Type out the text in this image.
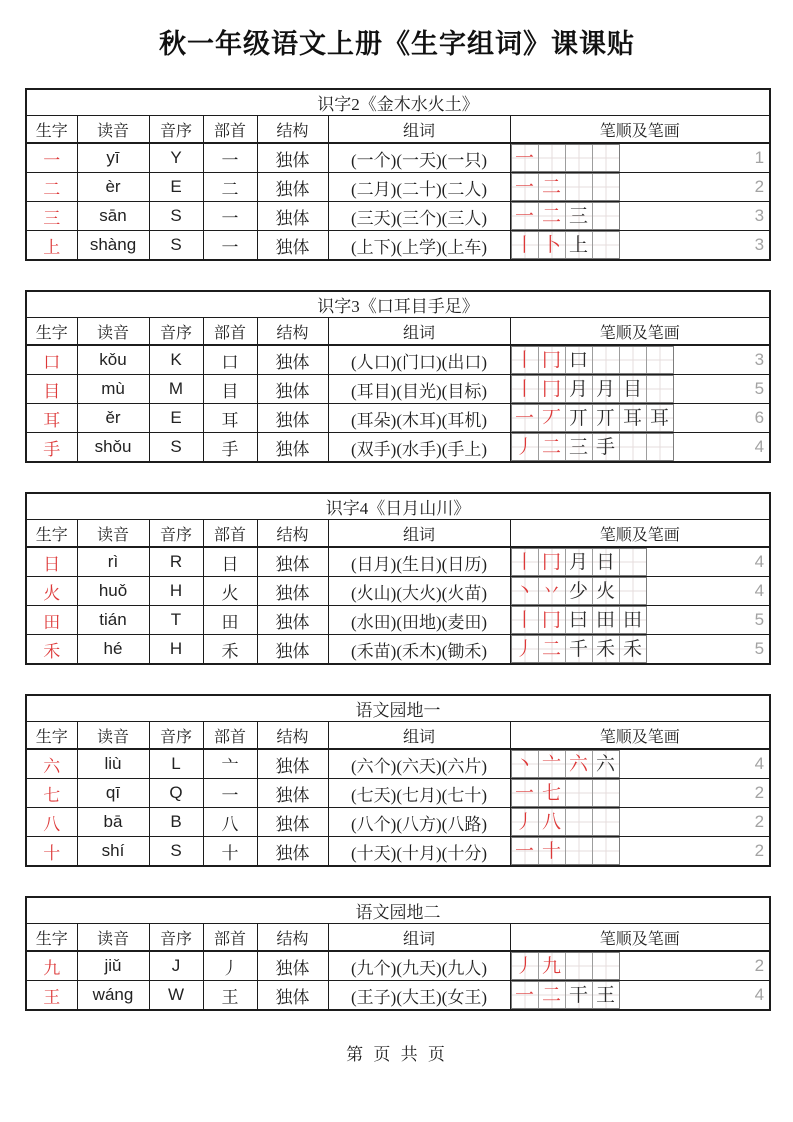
秋一年级语文上册《生字组词》课课贴
识字2《金木水火土》						
生字	读音	音序	部首	结构	组词	笔顺及笔画
一	yī	Y	一	独体	(一个)(一天)(一只)	一 1

二	èr	E	二	独体	(二月)(二十)(二人)	一 二 2

三	sān	S	一	独体	(三天)(三个)(三人)	一 二 三 3

上	shàng	S	一	独体	(上下)(上学)(上车)	丨 卜 上 3
识字3《口耳目手足》						
生字	读音	音序	部首	结构	组词	笔顺及笔画
口	kǒu	K	口	独体	(人口)(门口)(出口)	丨 冂 口 3

目	mù	M	目	独体	(耳目)(目光)(目标)	丨 冂 月 月 目	5

耳	ěr	E	耳	独体	(耳朵)(木耳)(耳机)	一 丆 丌 丌 耳 耳	6

手	shǒu	S	手	独体	(双手)(水手)(手上)	丿 二 三 手 4
识字4《日月山川》						
生字	读音	音序	部首	结构	组词	笔顺及笔画
日	rì	R	日	独体	(日月)(生日)(日历)	丨 冂 月 日 4

火	huǒ	H	火	独体	(火山)(大火)(火苗)	丶 丷 少 火 4

田	tián	T	田	独体	(水田)(田地)(麦田)	丨 冂 曰 田 田	5

禾	hé	H	禾	独体	(禾苗)(禾木)(锄禾)	丿 二 千 禾 禾	5
语文园地一						
生字	读音	音序	部首	结构	组词	笔顺及笔画
六	liù	L	亠	独体	(六个)(六天)(六片)	丶 亠 六 六 4

七	qī	Q	一	独体	(七天)(七月)(七十)	一 七 2

八	bā	B	八	独体	(八个)(八方)(八路)	丿 八 2

十	shí	S	十	独体	(十天)(十月)(十分)	一 十 2
语文园地二						
生字	读音	音序	部首	结构	组词	笔顺及笔画
九	jiǔ	J	丿	独体	(九个)(九天)(九人)	丿 九 2

王	wáng	W	王	独体	(王子)(大王)(女王)	一 二 干 王 4
第 页 共 页
